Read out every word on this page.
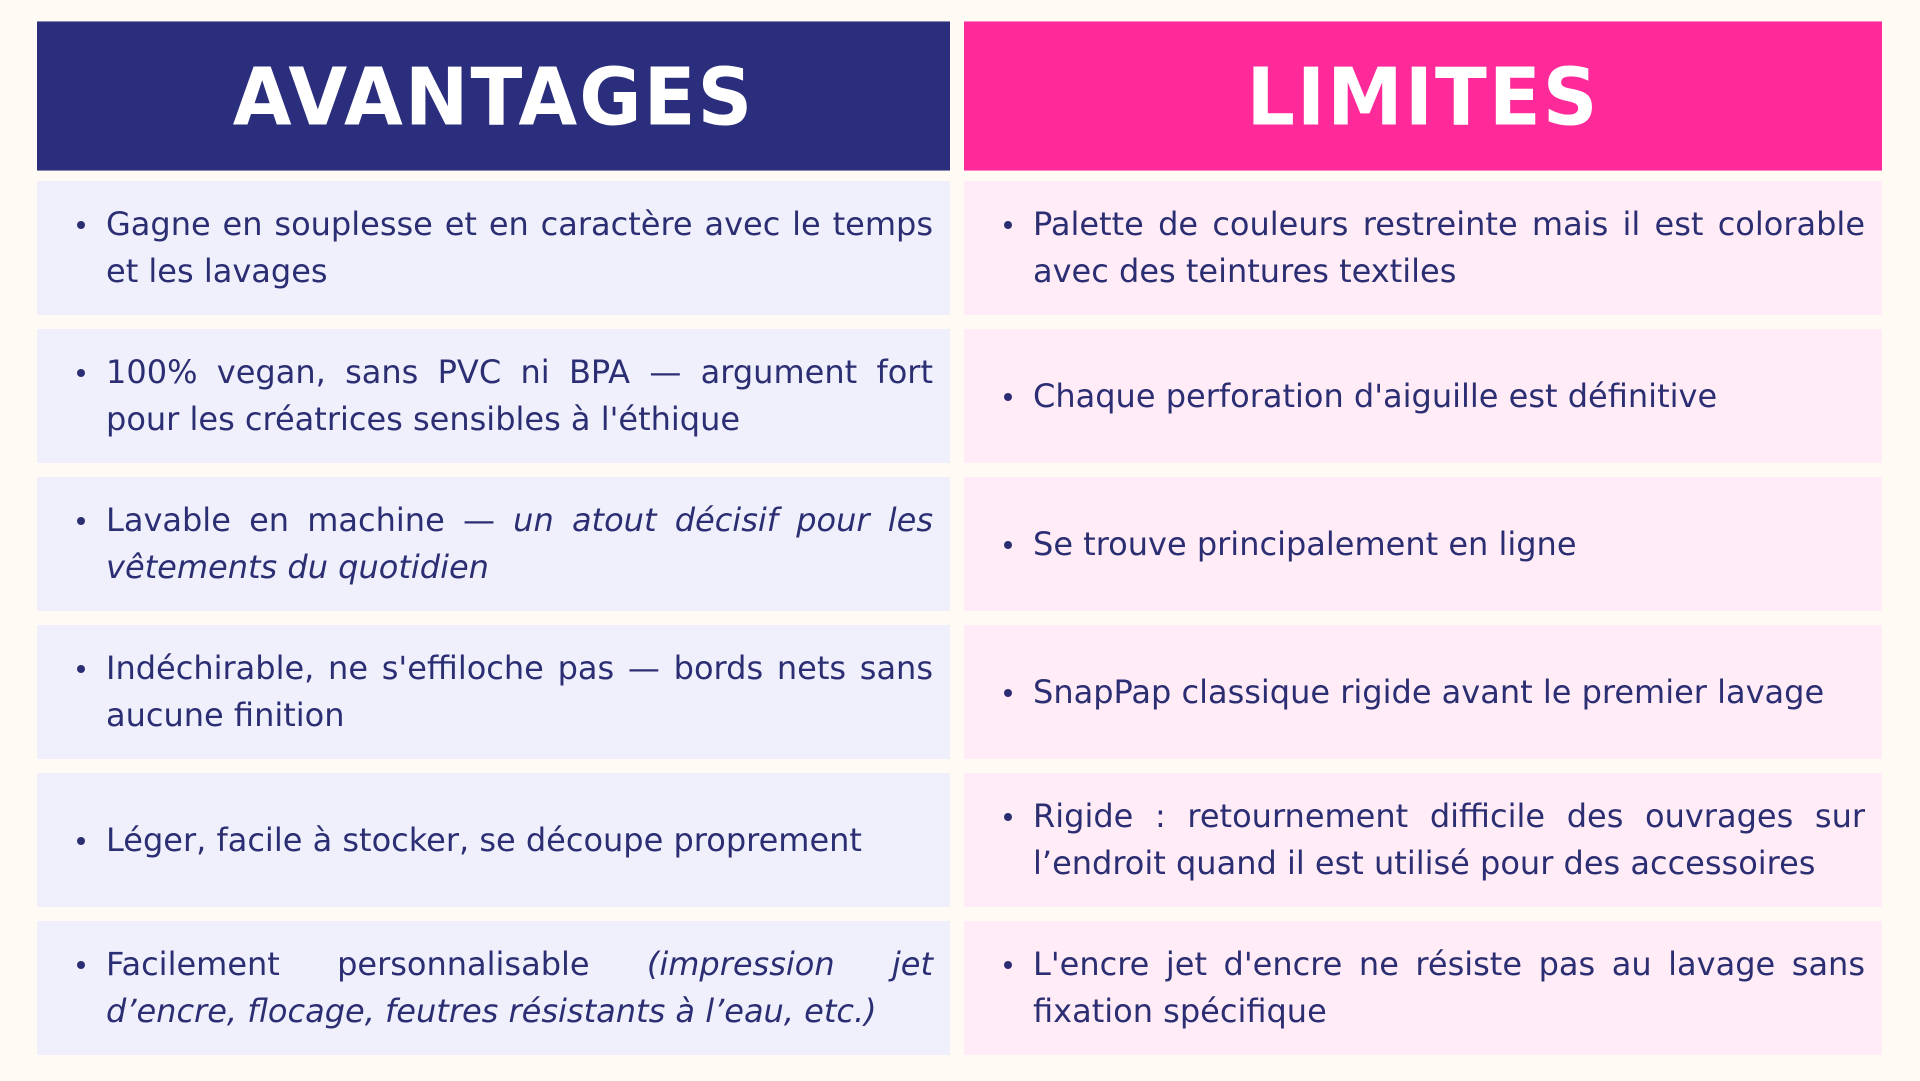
AVANTAGES
Gagne en souplesse et en caractère avec le temps et les lavages
100% vegan, sans PVC ni BPA — argument fort pour les créatrices sensibles à l'éthique
Lavable en machine — un atout décisif pour les vêtements du quotidien
Indéchirable, ne s'effiloche pas — bords nets sans aucune finition
Léger, facile à stocker, se découpe proprement
Facilement personnalisable (impression jet d’encre, flocage, feutres résistants à l’eau, etc.)
LIMITES
Palette de couleurs restreinte mais il est colorable avec des teintures textiles
Chaque perforation d'aiguille est définitive
Se trouve principalement en ligne
SnapPap classique rigide avant le premier lavage
Rigide : retournement difficile des ouvrages sur l’endroit quand il est utilisé pour des accessoires
L'encre jet d'encre ne résiste pas au lavage sans fixation spécifique
